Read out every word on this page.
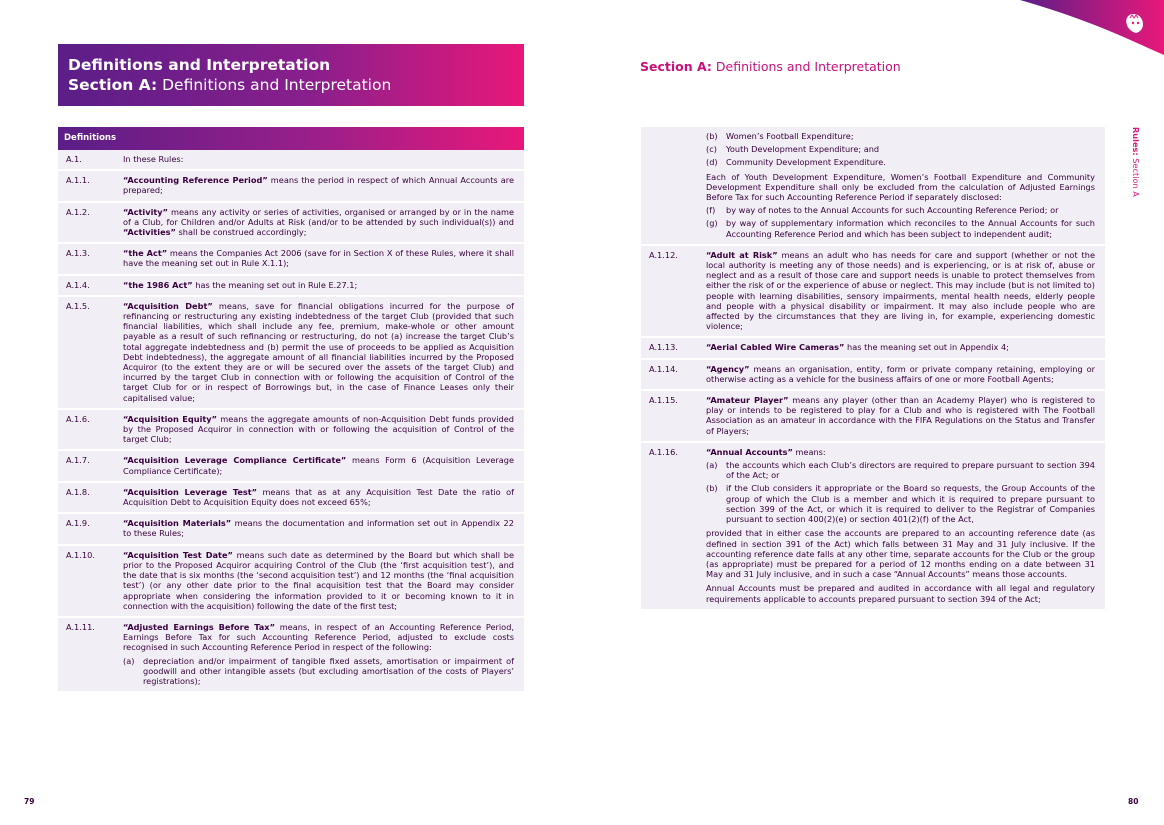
Definitions and Interpretation
Section A: Definitions and Interpretation
Definitions
A.1.	In these Rules:
A.1.1.	“Accounting Reference Period” means the period in respect of which Annual Accounts are prepared;
A.1.2.	“Activity” means any activity or series of activities, organised or arranged by or in the name of a Club, for Children and/or Adults at Risk (and/or to be attended by such individual(s)) and “Activities” shall be construed accordingly;
A.1.3.	“the Act” means the Companies Act 2006 (save for in Section X of these Rules, where it shall have the meaning set out in Rule X.1.1);
A.1.4.	“the 1986 Act” has the meaning set out in Rule E.27.1;
A.1.5.	“Acquisition Debt” means, save for financial obligations incurred for the purpose of refinancing or restructuring any existing indebtedness of the target Club (provided that such financial liabilities, which shall include any fee, premium, make-whole or other amount payable as a result of such refinancing or restructuring, do not (a) increase the target Club’s total aggregate indebtedness and (b) permit the use of proceeds to be applied as Acquisition Debt indebtedness), the aggregate amount of all financial liabilities incurred by the Proposed Acquiror (to the extent they are or will be secured over the assets of the target Club) and incurred by the target Club in connection with or following the acquisition of Control of the target Club for or in respect of Borrowings but, in the case of Finance Leases only their capitalised value;
A.1.6.	“Acquisition Equity” means the aggregate amounts of non-Acquisition Debt funds provided by the Proposed Acquiror in connection with or following the acquisition of Control of the target Club;
A.1.7.	“Acquisition Leverage Compliance Certificate” means Form 6 (Acquisition Leverage Compliance Certificate);
A.1.8.	“Acquisition Leverage Test” means that as at any Acquisition Test Date the ratio of Acquisition Debt to Acquisition Equity does not exceed 65%;
A.1.9.	“Acquisition Materials” means the documentation and information set out in Appendix 22 to these Rules;
A.1.10.	“Acquisition Test Date” means such date as determined by the Board but which shall be prior to the Proposed Acquiror acquiring Control of the Club (the ‘first acquisition test’), and the date that is six months (the ‘second acquisition test’) and 12 months (the ‘final acquisition test’) (or any other date prior to the final acquisition test that the Board may consider appropriate when considering the information provided to it or becoming known to it in connection with the acquisition) following the date of the first test;
A.1.11.	“Adjusted Earnings Before Tax” means, in respect of an Accounting Reference Period, Earnings Before Tax for such Accounting Reference Period, adjusted to exclude costs recognised in such Accounting Reference Period in respect of the following:

(a)	depreciation and/or impairment of tangible fixed assets, amortisation or impairment of goodwill and other intangible assets (but excluding amortisation of the costs of Players’ registrations);
79
Section A: Definitions and Interpretation
80
(b)	Women’s Football Expenditure;
(c)	Youth Development Expenditure; and
(d)	Community Development Expenditure.
Each of Youth Development Expenditure, Women’s Football Expenditure and Community Development Expenditure shall only be excluded from the calculation of Adjusted Earnings Before Tax for such Accounting Reference Period if separately disclosed:
(f)	by way of notes to the Annual Accounts for such Accounting Reference Period; or
(g)	by way of supplementary information which reconciles to the Annual Accounts for such Accounting Reference Period and which has been subject to independent audit;
A.1.12.	“Adult at Risk” means an adult who has needs for care and support (whether or not the local authority is meeting any of those needs) and is experiencing, or is at risk of, abuse or neglect and as a result of those care and support needs is unable to protect themselves from either the risk of or the experience of abuse or neglect. This may include (but is not limited to) people with learning disabilities, sensory impairments, mental health needs, elderly people and people with a physical disability or impairment. It may also include people who are affected by the circumstances that they are living in, for example, experiencing domestic violence;
A.1.13.	“Aerial Cabled Wire Cameras” has the meaning set out in Appendix 4;
A.1.14.	“Agency” means an organisation, entity, form or private company retaining, employing or otherwise acting as a vehicle for the business affairs of one or more Football Agents;
A.1.15.	“Amateur Player” means any player (other than an Academy Player) who is registered to play or intends to be registered to play for a Club and who is registered with The Football Association as an amateur in accordance with the FIFA Regulations on the Status and Transfer of Players;
A.1.16.	“Annual Accounts” means:

(a)	the accounts which each Club’s directors are required to prepare pursuant to section 394 of the Act; or
(b)	if the Club considers it appropriate or the Board so requests, the Group Accounts of the group of which the Club is a member and which it is required to prepare pursuant to section 399 of the Act, or which it is required to deliver to the Registrar of Companies pursuant to section 400(2)(e) or section 401(2)(f) of the Act,
provided that in either case the accounts are prepared to an accounting reference date (as defined in section 391 of the Act) which falls between 31 May and 31 July inclusive. If the accounting reference date falls at any other time, separate accounts for the Club or the group (as appropriate) must be prepared for a period of 12 months ending on a date between 31 May and 31 July inclusive, and in such a case “Annual Accounts” means those accounts.
Annual Accounts must be prepared and audited in accordance with all legal and regulatory requirements applicable to accounts prepared pursuant to section 394 of the Act;
Rules: Section A
